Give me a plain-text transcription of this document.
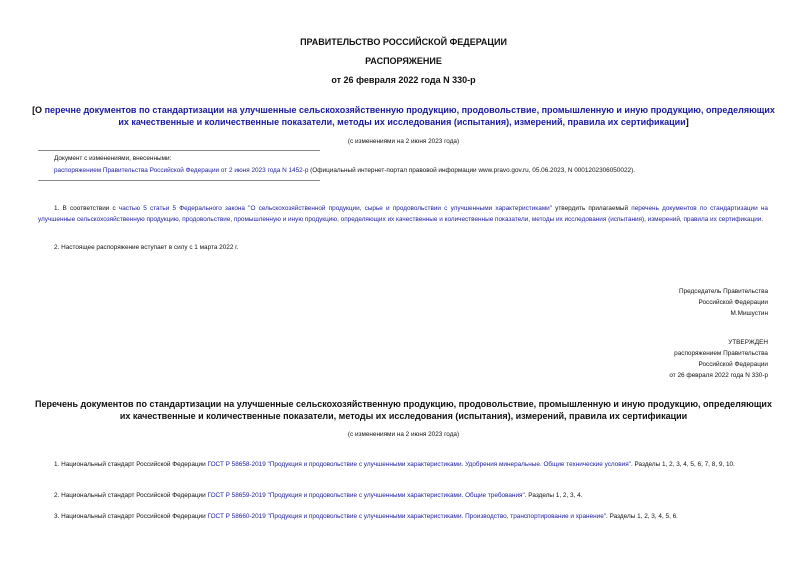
ПРАВИТЕЛЬСТВО РОССИЙСКОЙ ФЕДЕРАЦИИ
РАСПОРЯЖЕНИЕ
от 26 февраля 2022 года N 330-р
[О перечне документов по стандартизации на улучшенные сельскохозяйственную продукцию, продовольствие, промышленную и иную продукцию, определяющих их качественные и количественные показатели, методы их исследования (испытания), измерений, правила их сертификации]
(с изменениями на 2 июня 2023 года)
Документ с изменениями, внесенными:
распоряжением Правительства Российской Федерации от 2 июня 2023 года N 1452-р (Официальный интернет-портал правовой информации www.pravo.gov.ru, 05.06.2023, N 0001202306050022).
1. В соответствии с частью 5 статьи 5 Федерального закона "О сельскохозяйственной продукции, сырье и продовольствии с улучшенными характеристиками" утвердить прилагаемый перечень документов по стандартизации на улучшенные сельскохозяйственную продукцию, продовольствие, промышленную и иную продукцию, определяющих их качественные и количественные показатели, методы их исследования (испытания), измерений, правила их сертификации.
2. Настоящее распоряжение вступает в силу с 1 марта 2022 г.
Председатель Правительства
Российской Федерации
М.Мишустин
УТВЕРЖДЕН
распоряжением Правительства
Российской Федерации
от 26 февраля 2022 года N 330-р
Перечень документов по стандартизации на улучшенные сельскохозяйственную продукцию, продовольствие, промышленную и иную продукцию, определяющих
их качественные и количественные показатели, методы их исследования (испытания), измерений, правила их сертификации
(с изменениями на 2 июня 2023 года)
1. Национальный стандарт Российской Федерации ГОСТ Р 58658-2019 "Продукция и продовольствие с улучшенными характеристиками. Удобрения минеральные. Общие технические условия". Разделы 1, 2, 3, 4, 5, 6, 7, 8, 9, 10.
2. Национальный стандарт Российской Федерации ГОСТ Р 58659-2019 "Продукция и продовольствие с улучшенными характеристиками. Общие требования". Разделы 1, 2, 3, 4.
3. Национальный стандарт Российской Федерации ГОСТ Р 58660-2019 "Продукция и продовольствие с улучшенными характеристиками. Производство, транспортирование и хранение". Разделы 1, 2, 3, 4, 5, 6.
